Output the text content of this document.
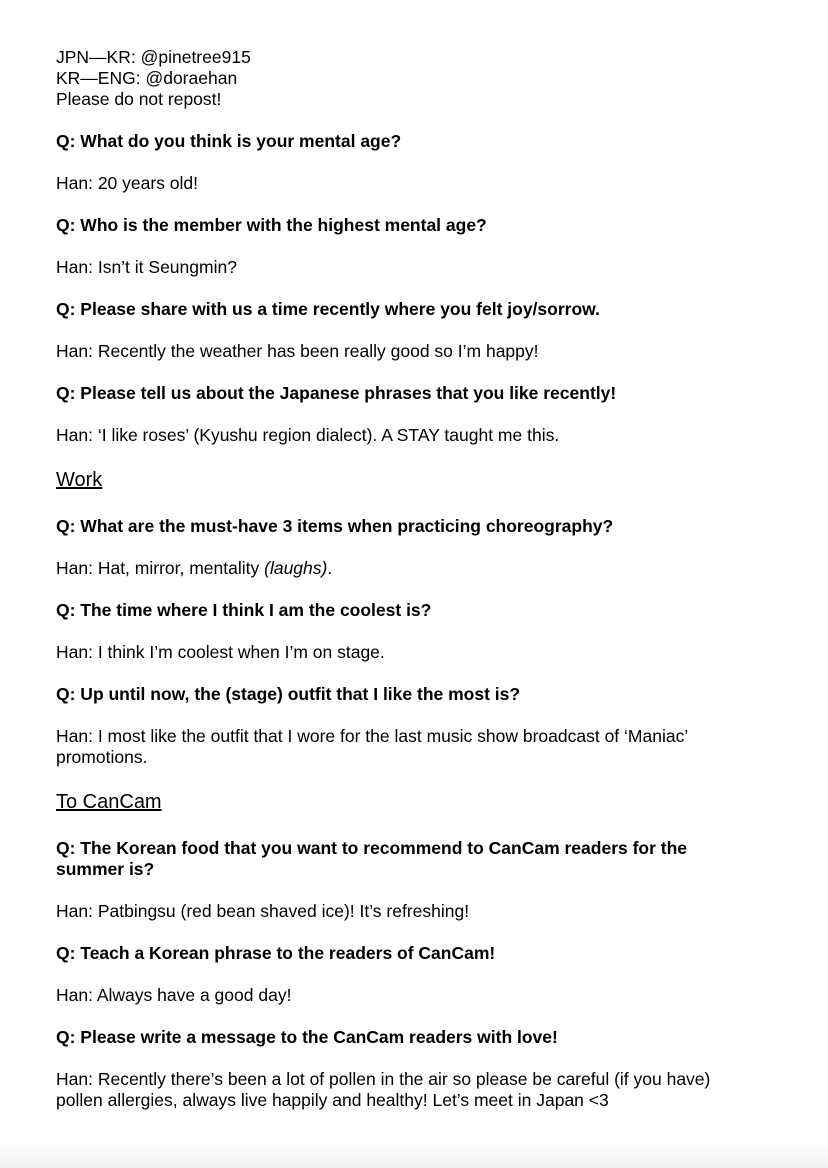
JPN—KR: @pinetree915
KR—ENG: @doraehan
Please do not repost!

Q: What do you think is your mental age?

Han: 20 years old!

Q: Who is the member with the highest mental age?

Han: Isn’t it Seungmin?

Q: Please share with us a time recently where you felt joy/sorrow.

Han: Recently the weather has been really good so I’m happy!

Q: Please tell us about the Japanese phrases that you like recently!

Han: ‘I like roses’ (Kyushu region dialect). A STAY taught me this.

Work

Q: What are the must-have 3 items when practicing choreography?

Han: Hat, mirror, mentality (laughs).

Q: The time where I think I am the coolest is?

Han: I think I’m coolest when I’m on stage.

Q: Up until now, the (stage) outfit that I like the most is?

Han: I most like the outfit that I wore for the last music show broadcast of ‘Maniac’
promotions.

To CanCam

Q: The Korean food that you want to recommend to CanCam readers for the
summer is?

Han: Patbingsu (red bean shaved ice)! It’s refreshing!

Q: Teach a Korean phrase to the readers of CanCam!

Han: Always have a good day!

Q: Please write a message to the CanCam readers with love!

Han: Recently there’s been a lot of pollen in the air so please be careful (if you have)
pollen allergies, always live happily and healthy! Let’s meet in Japan <3
